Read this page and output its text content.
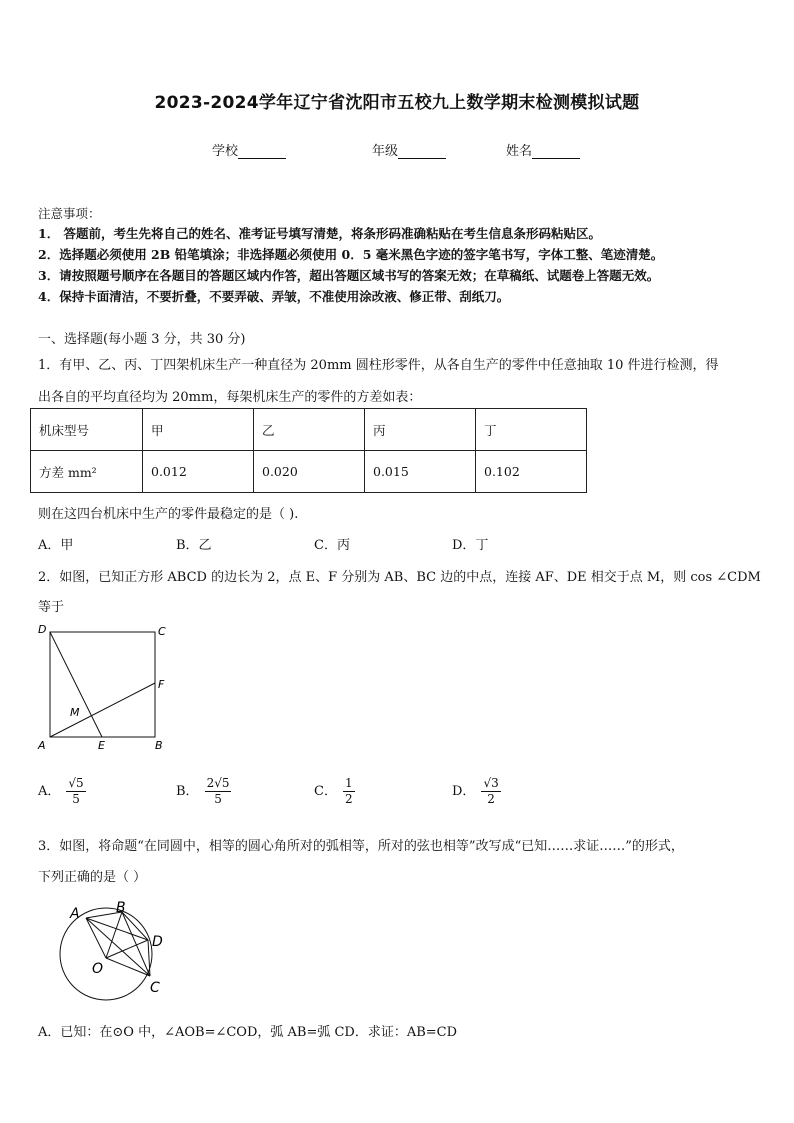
2023-2024学年辽宁省沈阳市五校九上数学期末检测模拟试题
学校	年级	姓名
注意事项：
1． 答题前，考生先将自己的姓名、准考证号填写清楚，将条形码准确粘贴在考生信息条形码粘贴区。
2．选择题必须使用 2B 铅笔填涂；非选择题必须使用 0．5 毫米黑色字迹的签字笔书写，字体工整、笔迹清楚。
3．请按照题号顺序在各题目的答题区域内作答，超出答题区域书写的答案无效；在草稿纸、试题卷上答题无效。
4．保持卡面清洁，不要折叠，不要弄破、弄皱，不准使用涂改液、修正带、刮纸刀。
一、选择题(每小题 3 分，共 30 分)
1．有甲、乙、丙、丁四架机床生产一种直径为 20mm 圆柱形零件，从各自生产的零件中任意抽取 10 件进行检测，得
出各自的平均直径均为 20mm，每架机床生产的零件的方差如表：
机床型号	甲	乙	丙	丁
方差 mm²	0.012	0.020	0.015	0.102
则在这四台机床中生产的零件最稳定的是（ ).
A．甲	B．乙	C．丙	D．丁
2．如图，已知正方形 ABCD 的边长为 2，点 E、F 分别为 AB、BC 边的中点，连接 AF、DE 相交于点 M，则 cos ∠CDM
等于
D	C
F
M
A	E	B
A． $\frac{√5}{5}$	B． $\frac{2√5}{5}$	C． $\frac{1}{2}$	D． $\frac{√3}{2}$
3．如图，将命题“在同圆中，相等的圆心角所对的弧相等，所对的弦也相等”改写成“已知……求证……”的形式，
下列正确的是（ ）
A	B
D
O
C
A．已知：在⊙O 中，∠AOB=∠COD，弧 AB=弧 CD．求证：AB=CD
